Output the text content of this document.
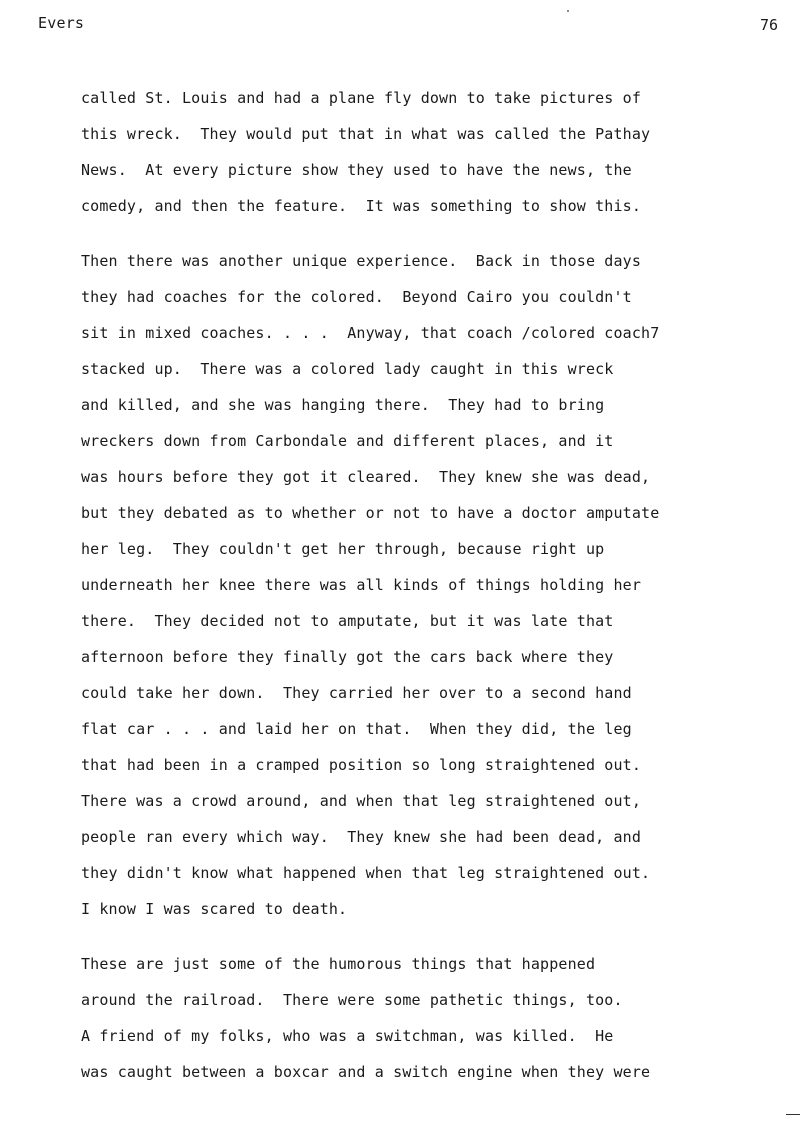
Evers	76
called St. Louis and had a plane fly down to take pictures of
this wreck.  They would put that in what was called the Pathay
News.  At every picture show they used to have the news, the
comedy, and then the feature.  It was something to show this.
Then there was another unique experience.  Back in those days
they had coaches for the colored.  Beyond Cairo you couldn't
sit in mixed coaches. . . .  Anyway, that coach /colored coach7
stacked up.  There was a colored lady caught in this wreck
and killed, and she was hanging there.  They had to bring
wreckers down from Carbondale and different places, and it
was hours before they got it cleared.  They knew she was dead,
but they debated as to whether or not to have a doctor amputate
her leg.  They couldn't get her through, because right up
underneath her knee there was all kinds of things holding her
there.  They decided not to amputate, but it was late that
afternoon before they finally got the cars back where they
could take her down.  They carried her over to a second hand
flat car . . . and laid her on that.  When they did, the leg
that had been in a cramped position so long straightened out.
There was a crowd around, and when that leg straightened out,
people ran every which way.  They knew she had been dead, and
they didn't know what happened when that leg straightened out.
I know I was scared to death.
These are just some of the humorous things that happened
around the railroad.  There were some pathetic things, too.
A friend of my folks, who was a switchman, was killed.  He
was caught between a boxcar and a switch engine when they were
